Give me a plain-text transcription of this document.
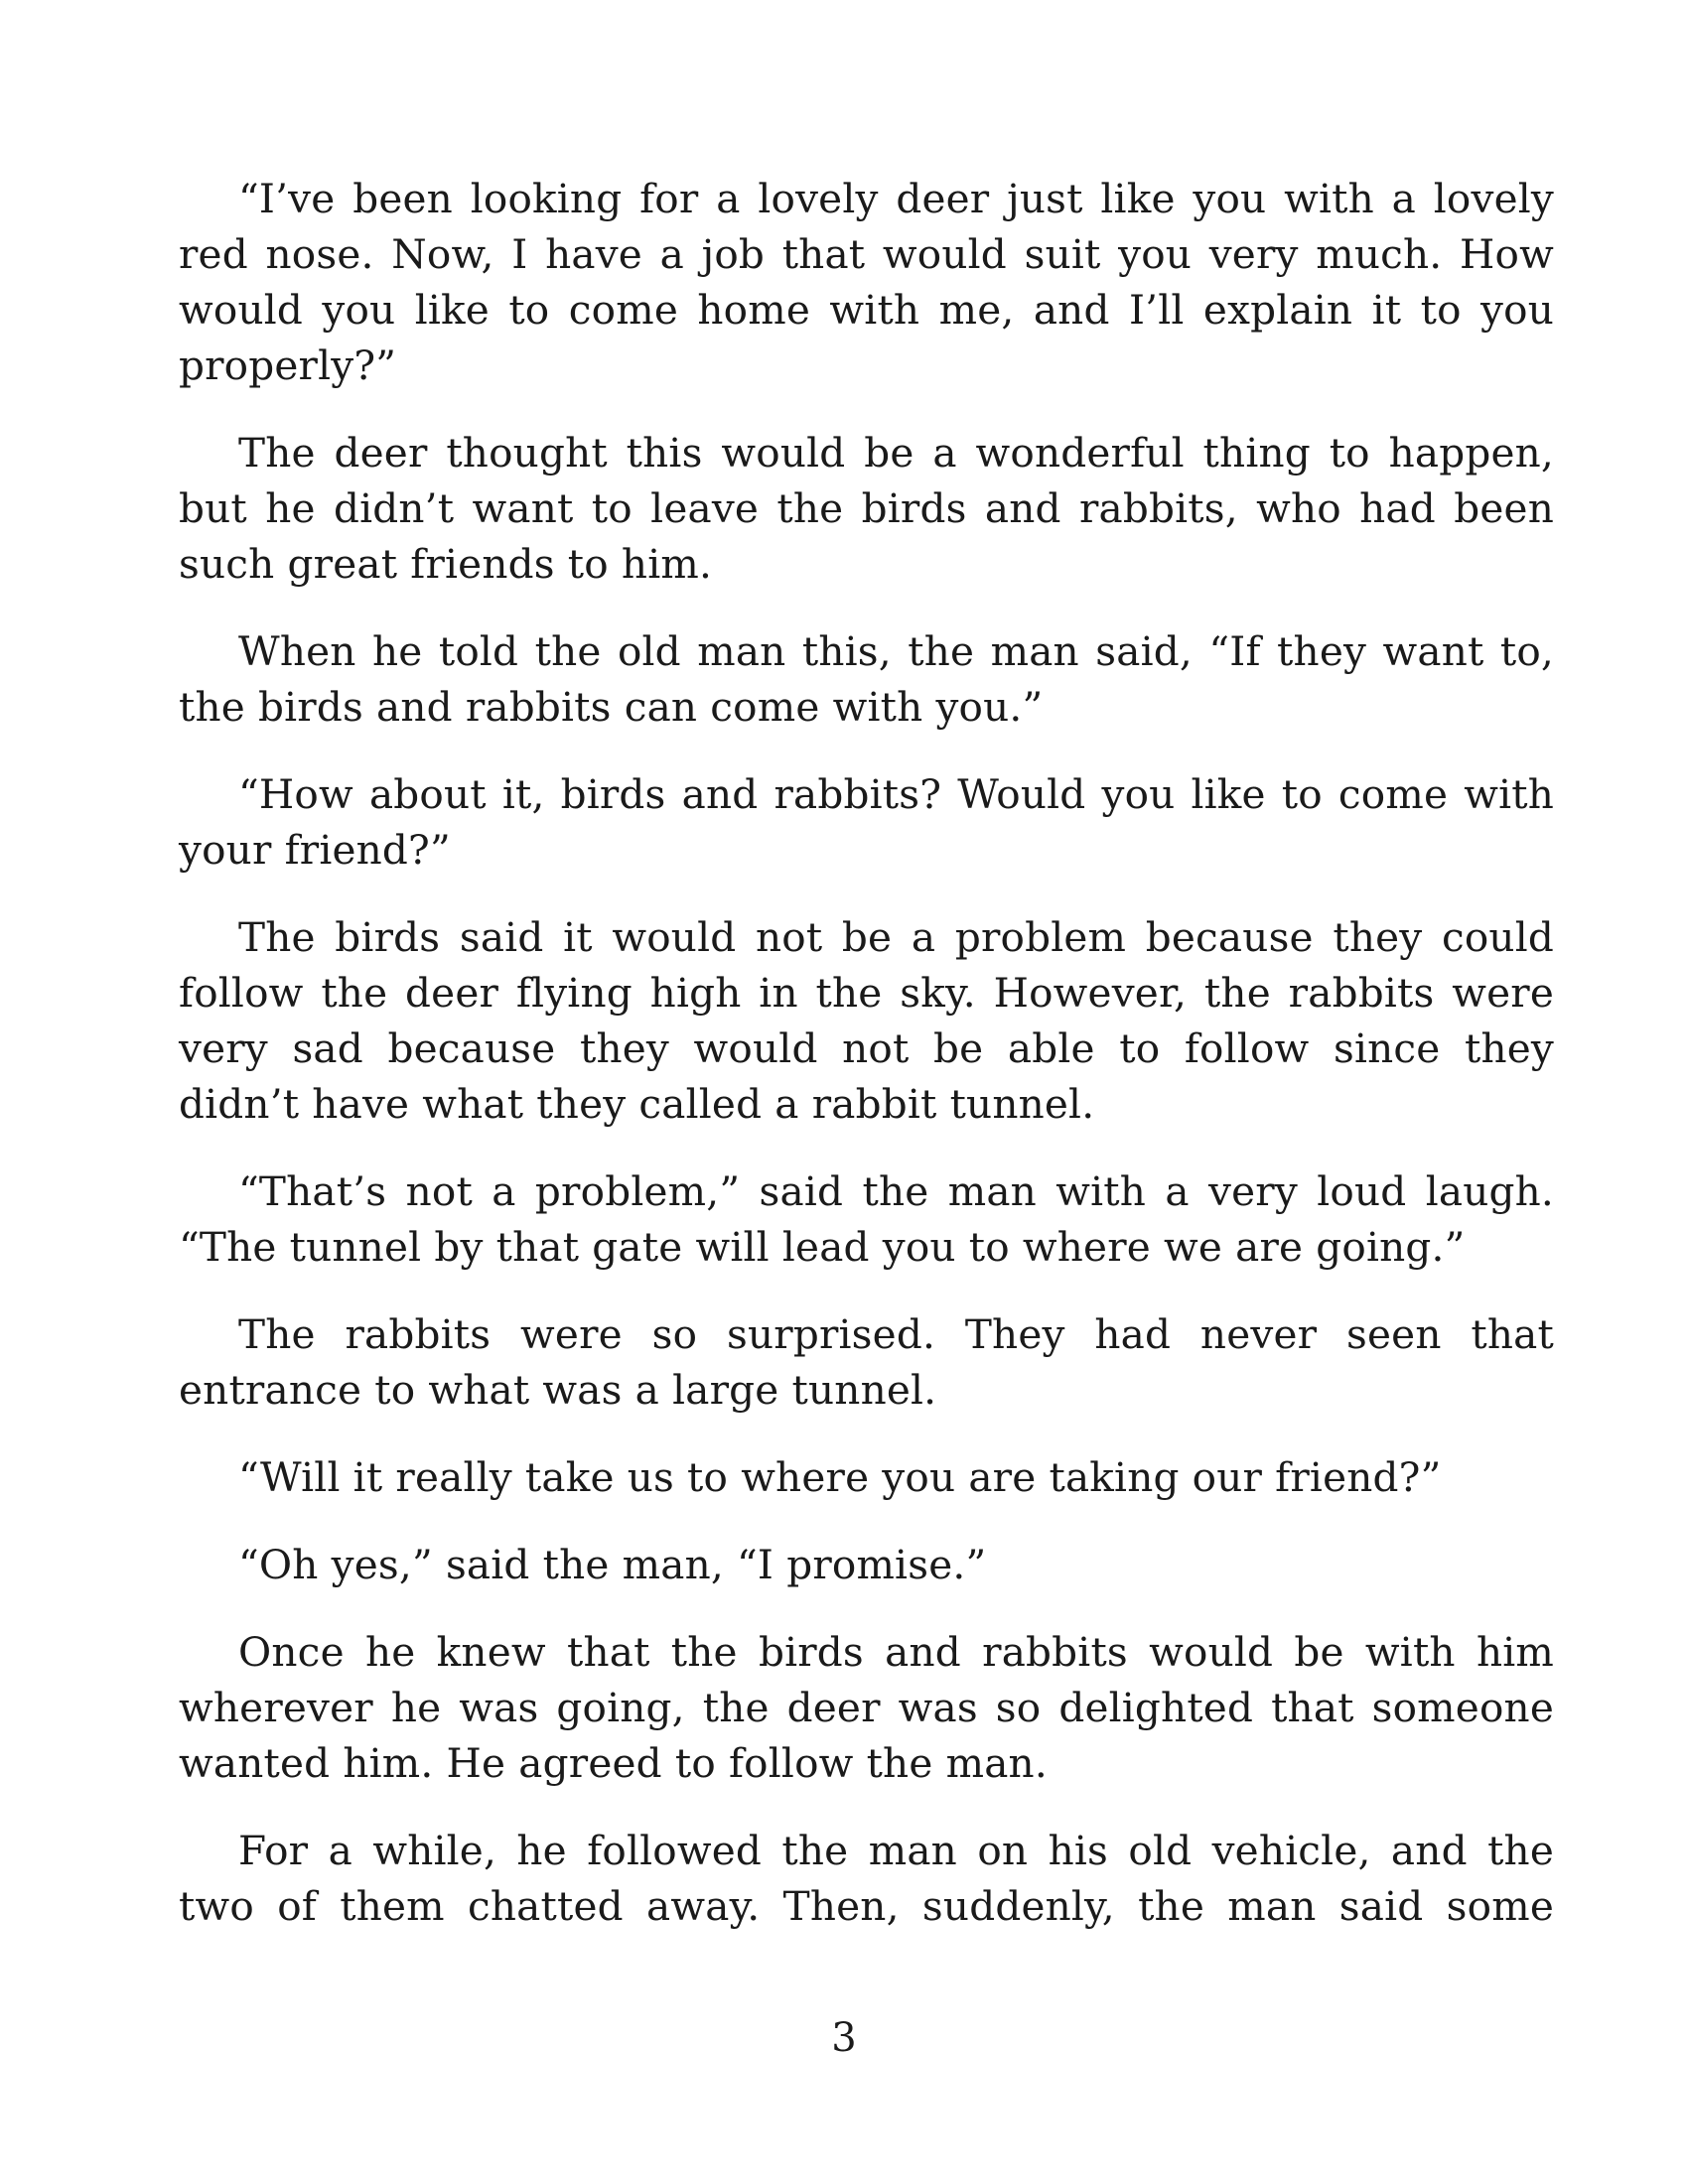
“I’ve been looking for a lovely deer just like you with a lovely red nose. Now, I have a job that would suit you very much. How would you like to come home with me, and I’ll explain it to you properly?”

The deer thought this would be a wonderful thing to happen, but he didn’t want to leave the birds and rabbits, who had been such great friends to him.

When he told the old man this, the man said, “If they want to, the birds and rabbits can come with you.”

“How about it, birds and rabbits? Would you like to come with your friend?”

The birds said it would not be a problem because they could follow the deer flying high in the sky. However, the rabbits were very sad because they would not be able to follow since they didn’t have what they called a rabbit tunnel.

“That’s not a problem,” said the man with a very loud laugh. “The tunnel by that gate will lead you to where we are going.”

The rabbits were so surprised. They had never seen that entrance to what was a large tunnel.

“Will it really take us to where you are taking our friend?”

“Oh yes,” said the man, “I promise.”

Once he knew that the birds and rabbits would be with him wherever he was going, the deer was so delighted that someone wanted him. He agreed to follow the man.

For a while, he followed the man on his old vehicle, and the two of them chatted away. Then, suddenly, the man said some

3
